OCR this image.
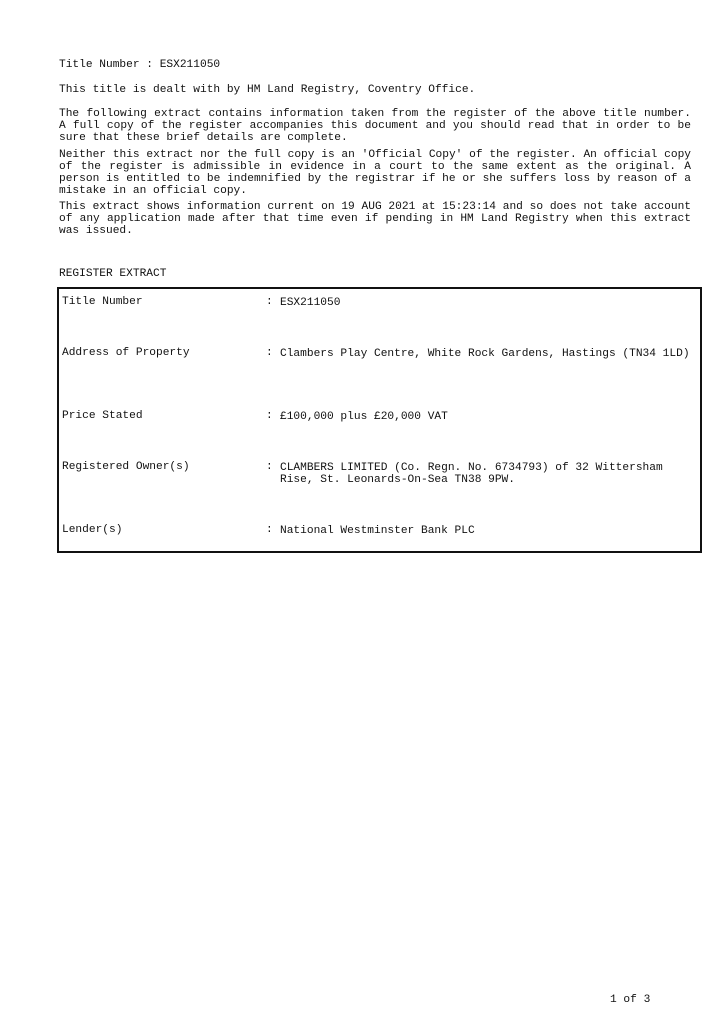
Title Number : ESX211050
This title is dealt with by HM Land Registry, Coventry Office.
The following extract contains information taken from the register of the above title number. A full copy of the register accompanies this document and you should read that in order to be sure that these brief details are complete.
Neither this extract nor the full copy is an 'Official Copy' of the register. An official copy of the register is admissible in evidence in a court to the same extent as the original. A person is entitled to be indemnified by the registrar if he or she suffers loss by reason of a mistake in an official copy.
This extract shows information current on 19 AUG 2021 at 15:23:14 and so does not take account of any application made after that time even if pending in HM Land Registry when this extract was issued.
REGISTER EXTRACT
Title Number	: ESX211050
Address of Property	: Clambers Play Centre, White Rock Gardens, Hastings (TN34 1LD)
Price Stated	: £100,000 plus £20,000 VAT
Registered Owner(s)	: CLAMBERS LIMITED (Co. Regn. No. 6734793) of 32 Wittersham Rise, St. Leonards-On-Sea TN38 9PW.
Lender(s)	: National Westminster Bank PLC
1 of 3
